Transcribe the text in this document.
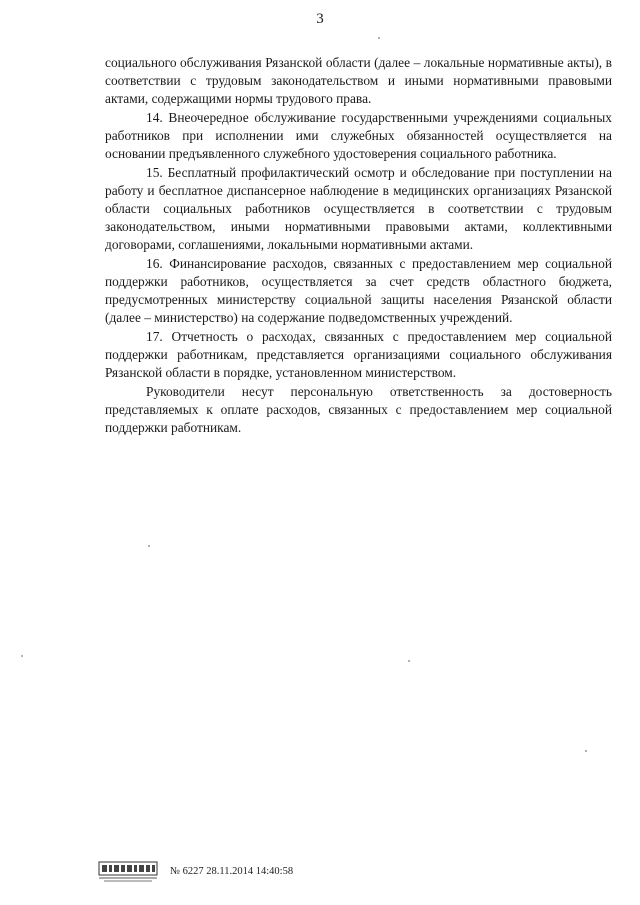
3

социального обслуживания Рязанской области (далее – локальные нормативные акты), в соответствии с трудовым законодательством и иными нормативными правовыми актами, содержащими нормы трудового права.

14. Внеочередное обслуживание государственными учреждениями социальных работников при исполнении ими служебных обязанностей осуществляется на основании предъявленного служебного удостоверения социального работника.

15. Бесплатный профилактический осмотр и обследование при поступлении на работу и бесплатное диспансерное наблюдение в медицинских организациях Рязанской области социальных работников осуществляется в соответствии с трудовым законодательством, иными нормативными правовыми актами, коллективными договорами, соглашениями, локальными нормативными актами.

16. Финансирование расходов, связанных с предоставлением мер социальной поддержки работников, осуществляется за счет средств областного бюджета, предусмотренных министерству социальной защиты населения Рязанской области (далее – министерство) на содержание подведомственных учреждений.

17. Отчетность о расходах, связанных с предоставлением мер социальной поддержки работникам, представляется организациями социального обслуживания Рязанской области в порядке, установленном министерством.

Руководители несут персональную ответственность за достоверность представляемых к оплате расходов, связанных с предоставлением мер социальной поддержки работникам.

№ 6227 28.11.2014 14:40:58
